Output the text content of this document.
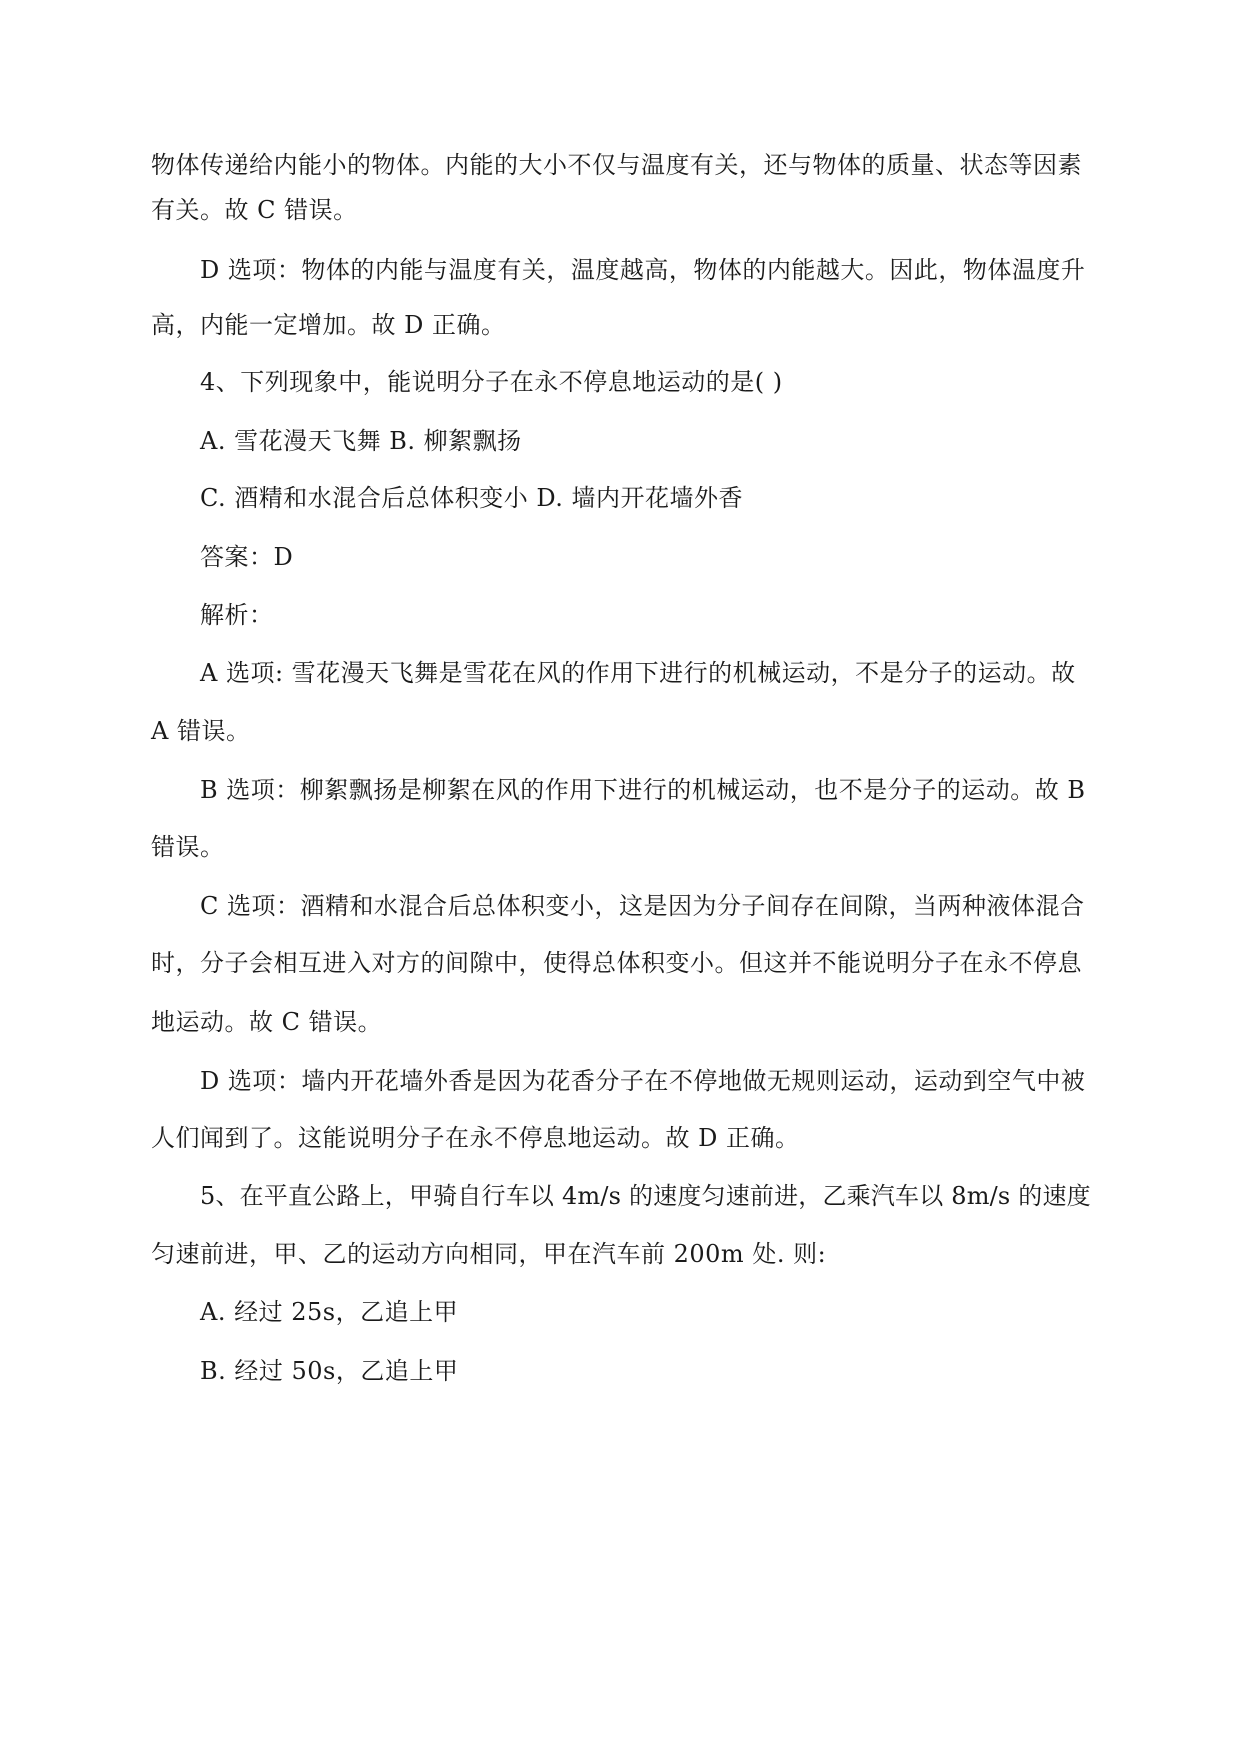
物体传递给内能小的物体。内能的大小不仅与温度有关，还与物体的质量、状态等因素
有关。故 C 错误。
D 选项：物体的内能与温度有关，温度越高，物体的内能越大。因此，物体温度升
高，内能一定增加。故 D 正确。
4、下列现象中，能说明分子在永不停息地运动的是( )
A. 雪花漫天飞舞 B. 柳絮飘扬
C. 酒精和水混合后总体积变小 D. 墙内开花墙外香
答案：D
解析：
A 选项: 雪花漫天飞舞是雪花在风的作用下进行的机械运动，不是分子的运动。故
A 错误。
B 选项：柳絮飘扬是柳絮在风的作用下进行的机械运动，也不是分子的运动。故 B
错误。
C 选项：酒精和水混合后总体积变小，这是因为分子间存在间隙，当两种液体混合
时，分子会相互进入对方的间隙中，使得总体积变小。但这并不能说明分子在永不停息
地运动。故 C 错误。
D 选项：墙内开花墙外香是因为花香分子在不停地做无规则运动，运动到空气中被
人们闻到了。这能说明分子在永不停息地运动。故 D 正确。
5、在平直公路上，甲骑自行车以 4m/s 的速度匀速前进，乙乘汽车以 8m/s 的速度
匀速前进，甲、乙的运动方向相同，甲在汽车前 200m 处. 则:
A. 经过 25s，乙追上甲
B. 经过 50s，乙追上甲
